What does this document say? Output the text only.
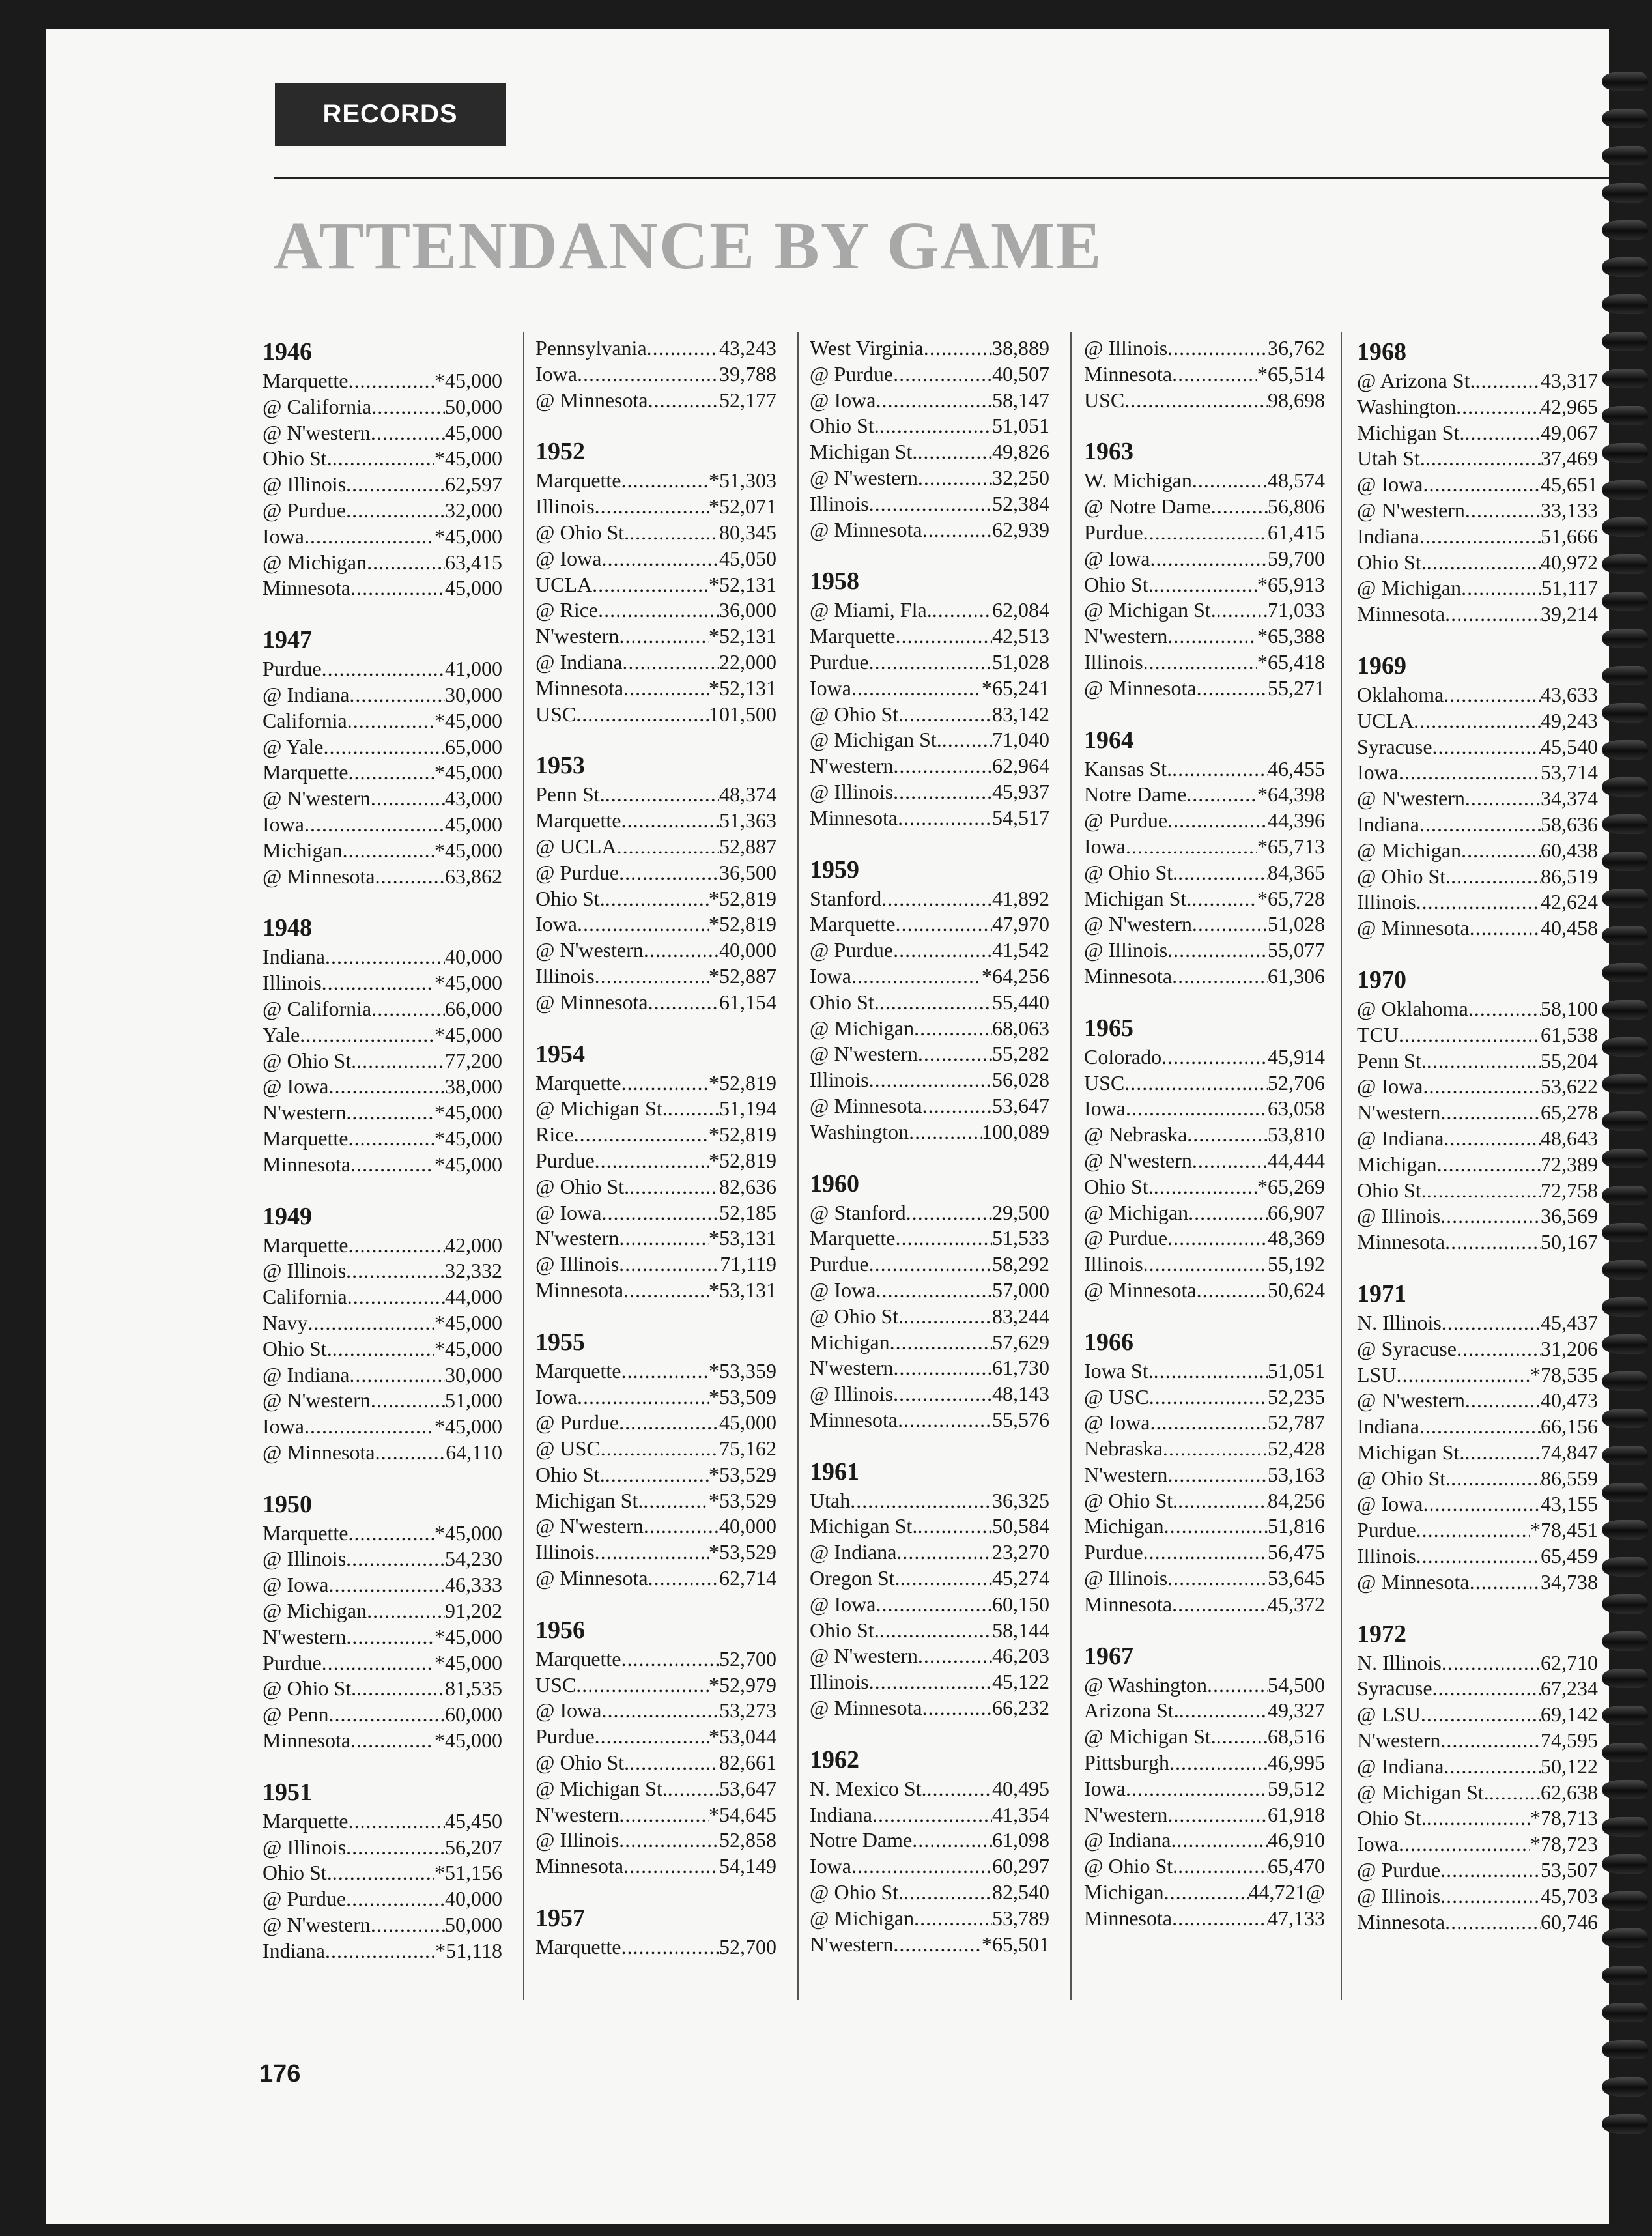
RECORDS
ATTENDANCE BY GAME
1946
Marquette .....	*45,000
@ California .....	50,000
@ N'western .....	45,000
Ohio St. .....	*45,000
@ Illinois .....	62,597
@ Purdue .....	32,000
Iowa .....	*45,000
@ Michigan .....	63,415
Minnesota .....	45,000
1947
Purdue .....	41,000
@ Indiana .....	30,000
California .....	*45,000
@ Yale .....	65,000
Marquette .....	*45,000
@ N'western .....	43,000
Iowa .....	45,000
Michigan .....	*45,000
@ Minnesota .....	63,862
1948
Indiana .....	40,000
Illinois .....	*45,000
@ California .....	66,000
Yale .....	*45,000
@ Ohio St. .....	77,200
@ Iowa .....	38,000
N'western .....	*45,000
Marquette .....	*45,000
Minnesota .....	*45,000
1949
Marquette .....	42,000
@ Illinois .....	32,332
California .....	44,000
Navy .....	*45,000
Ohio St. .....	*45,000
@ Indiana .....	30,000
@ N'western .....	51,000
Iowa .....	*45,000
@ Minnesota .....	64,110
1950
Marquette .....	*45,000
@ Illinois .....	54,230
@ Iowa .....	46,333
@ Michigan .....	91,202
N'western .....	*45,000
Purdue .....	*45,000
@ Ohio St. .....	81,535
@ Penn .....	60,000
Minnesota .....	*45,000
1951
Marquette .....	45,450
@ Illinois .....	56,207
Ohio St. .....	*51,156
@ Purdue .....	40,000
@ N'western .....	50,000
Indiana .....	*51,118
Pennsylvania .....	43,243
Iowa .....	39,788
@ Minnesota .....	52,177
1952
Marquette .....	*51,303
Illinois .....	*52,071
@ Ohio St. .....	80,345
@ Iowa .....	45,050
UCLA .....	*52,131
@ Rice .....	36,000
N'western .....	*52,131
@ Indiana .....	22,000
Minnesota .....	*52,131
USC .....	101,500
1953
Penn St. .....	48,374
Marquette .....	51,363
@ UCLA .....	52,887
@ Purdue .....	36,500
Ohio St. .....	*52,819
Iowa .....	*52,819
@ N'western .....	40,000
Illinois .....	*52,887
@ Minnesota .....	61,154
1954
Marquette .....	*52,819
@ Michigan St. .....	51,194
Rice .....	*52,819
Purdue .....	*52,819
@ Ohio St. .....	82,636
@ Iowa .....	52,185
N'western .....	*53,131
@ Illinois .....	71,119
Minnesota .....	*53,131
1955
Marquette .....	*53,359
Iowa .....	*53,509
@ Purdue .....	45,000
@ USC .....	75,162
Ohio St. .....	*53,529
Michigan St. .....	*53,529
@ N'western .....	40,000
Illinois .....	*53,529
@ Minnesota .....	62,714
1956
Marquette .....	52,700
USC .....	*52,979
@ Iowa .....	53,273
Purdue .....	*53,044
@ Ohio St. .....	82,661
@ Michigan St. .....	53,647
N'western .....	*54,645
@ Illinois .....	52,858
Minnesota .....	54,149
1957
Marquette .....	52,700
West Virginia .....	38,889
@ Purdue .....	40,507
@ Iowa .....	58,147
Ohio St. .....	51,051
Michigan St. .....	49,826
@ N'western .....	32,250
Illinois .....	52,384
@ Minnesota .....	62,939
1958
@ Miami, Fla. .....	62,084
Marquette .....	42,513
Purdue .....	51,028
Iowa .....	*65,241
@ Ohio St. .....	83,142
@ Michigan St. .....	71,040
N'western .....	62,964
@ Illinois .....	45,937
Minnesota .....	54,517
1959
Stanford .....	41,892
Marquette .....	47,970
@ Purdue .....	41,542
Iowa .....	*64,256
Ohio St. .....	55,440
@ Michigan .....	68,063
@ N'western .....	55,282
Illinois .....	56,028
@ Minnesota .....	53,647
Washington .....	100,089
1960
@ Stanford .....	29,500
Marquette .....	51,533
Purdue .....	58,292
@ Iowa .....	57,000
@ Ohio St. .....	83,244
Michigan .....	57,629
N'western .....	61,730
@ Illinois .....	48,143
Minnesota .....	55,576
1961
Utah .....	36,325
Michigan St. .....	50,584
@ Indiana .....	23,270
Oregon St. .....	45,274
@ Iowa .....	60,150
Ohio St. .....	58,144
@ N'western .....	46,203
Illinois .....	45,122
@ Minnesota .....	66,232
1962
N. Mexico St. .....	40,495
Indiana .....	41,354
Notre Dame .....	61,098
Iowa .....	60,297
@ Ohio St. .....	82,540
@ Michigan .....	53,789
N'western .....	*65,501
@ Illinois .....	36,762
Minnesota .....	*65,514
USC .....	98,698
1963
W. Michigan .....	48,574
@ Notre Dame .....	56,806
Purdue .....	61,415
@ Iowa .....	59,700
Ohio St. .....	*65,913
@ Michigan St. .....	71,033
N'western .....	*65,388
Illinois .....	*65,418
@ Minnesota .....	55,271
1964
Kansas St. .....	46,455
Notre Dame .....	*64,398
@ Purdue .....	44,396
Iowa .....	*65,713
@ Ohio St. .....	84,365
Michigan St. .....	*65,728
@ N'western .....	51,028
@ Illinois .....	55,077
Minnesota .....	61,306
1965
Colorado .....	45,914
USC .....	52,706
Iowa .....	63,058
@ Nebraska .....	53,810
@ N'western .....	44,444
Ohio St. .....	*65,269
@ Michigan .....	66,907
@ Purdue .....	48,369
Illinois .....	55,192
@ Minnesota .....	50,624
1966
Iowa St. .....	51,051
@ USC .....	52,235
@ Iowa .....	52,787
Nebraska .....	52,428
N'western .....	53,163
@ Ohio St. .....	84,256
Michigan .....	51,816
Purdue .....	56,475
@ Illinois .....	53,645
Minnesota .....	45,372
1967
@ Washington .....	54,500
Arizona St. .....	49,327
@ Michigan St. .....	68,516
Pittsburgh .....	46,995
Iowa .....	59,512
N'western .....	61,918
@ Indiana .....	46,910
@ Ohio St. .....	65,470
Michigan .....	44,721@
Minnesota .....	47,133
1968
@ Arizona St. .....	43,317
Washington .....	42,965
Michigan St. .....	49,067
Utah St. .....	37,469
@ Iowa .....	45,651
@ N'western .....	33,133
Indiana .....	51,666
Ohio St. .....	40,972
@ Michigan .....	51,117
Minnesota .....	39,214
1969
Oklahoma .....	43,633
UCLA .....	49,243
Syracuse .....	45,540
Iowa .....	53,714
@ N'western .....	34,374
Indiana .....	58,636
@ Michigan .....	60,438
@ Ohio St. .....	86,519
Illinois .....	42,624
@ Minnesota .....	40,458
1970
@ Oklahoma .....	58,100
TCU .....	61,538
Penn St. .....	55,204
@ Iowa .....	53,622
N'western .....	65,278
@ Indiana .....	48,643
Michigan .....	72,389
Ohio St. .....	72,758
@ Illinois .....	36,569
Minnesota .....	50,167
1971
N. Illinois .....	45,437
@ Syracuse .....	31,206
LSU .....	*78,535
@ N'western .....	40,473
Indiana .....	66,156
Michigan St. .....	74,847
@ Ohio St. .....	86,559
@ Iowa .....	43,155
Purdue .....	*78,451
Illinois .....	65,459
@ Minnesota .....	34,738
1972
N. Illinois .....	62,710
Syracuse .....	67,234
@ LSU .....	69,142
N'western .....	74,595
@ Indiana .....	50,122
@ Michigan St. .....	62,638
Ohio St. .....	*78,713
Iowa .....	*78,723
@ Purdue .....	53,507
@ Illinois .....	45,703
Minnesota .....	60,746
176
